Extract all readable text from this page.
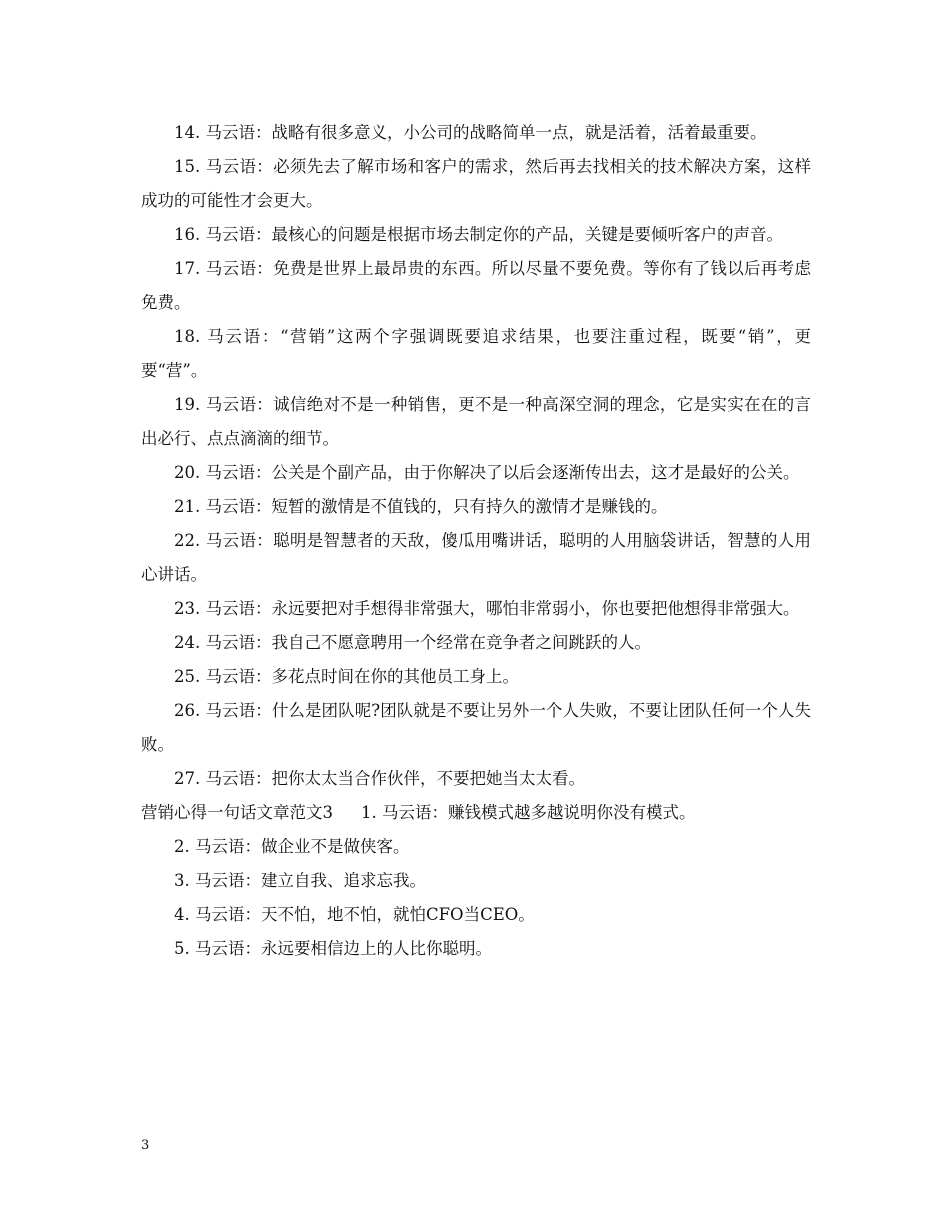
14. 马云语：战略有很多意义，小公司的战略简单一点，就是活着，活着最重要。

15. 马云语：必须先去了解市场和客户的需求，然后再去找相关的技术解决方案，这样成功的可能性才会更大。

16. 马云语：最核心的问题是根据市场去制定你的产品，关键是要倾听客户的声音。

17. 马云语：免费是世界上最昂贵的东西。所以尽量不要免费。等你有了钱以后再考虑免费。

18. 马云语：“营销”这两个字强调既要追求结果，也要注重过程，既要“销”，更要“营”。

19. 马云语：诚信绝对不是一种销售，更不是一种高深空洞的理念，它是实实在在的言出必行、点点滴滴的细节。

20. 马云语：公关是个副产品，由于你解决了以后会逐渐传出去，这才是最好的公关。

21. 马云语：短暂的激情是不值钱的，只有持久的激情才是赚钱的。

22. 马云语：聪明是智慧者的天敌，傻瓜用嘴讲话，聪明的人用脑袋讲话，智慧的人用心讲话。

23. 马云语：永远要把对手想得非常强大，哪怕非常弱小，你也要把他想得非常强大。

24. 马云语：我自己不愿意聘用一个经常在竞争者之间跳跃的人。

25. 马云语：多花点时间在你的其他员工身上。

26. 马云语：什么是团队呢?团队就是不要让另外一个人失败，不要让团队任何一个人失败。

27. 马云语：把你太太当合作伙伴，不要把她当太太看。

营销心得一句话文章范文3 1. 马云语：赚钱模式越多越说明你没有模式。

2. 马云语：做企业不是做侠客。

3. 马云语：建立自我、追求忘我。

4. 马云语：天不怕，地不怕，就怕CFO当CEO。

5. 马云语：永远要相信边上的人比你聪明。

3
